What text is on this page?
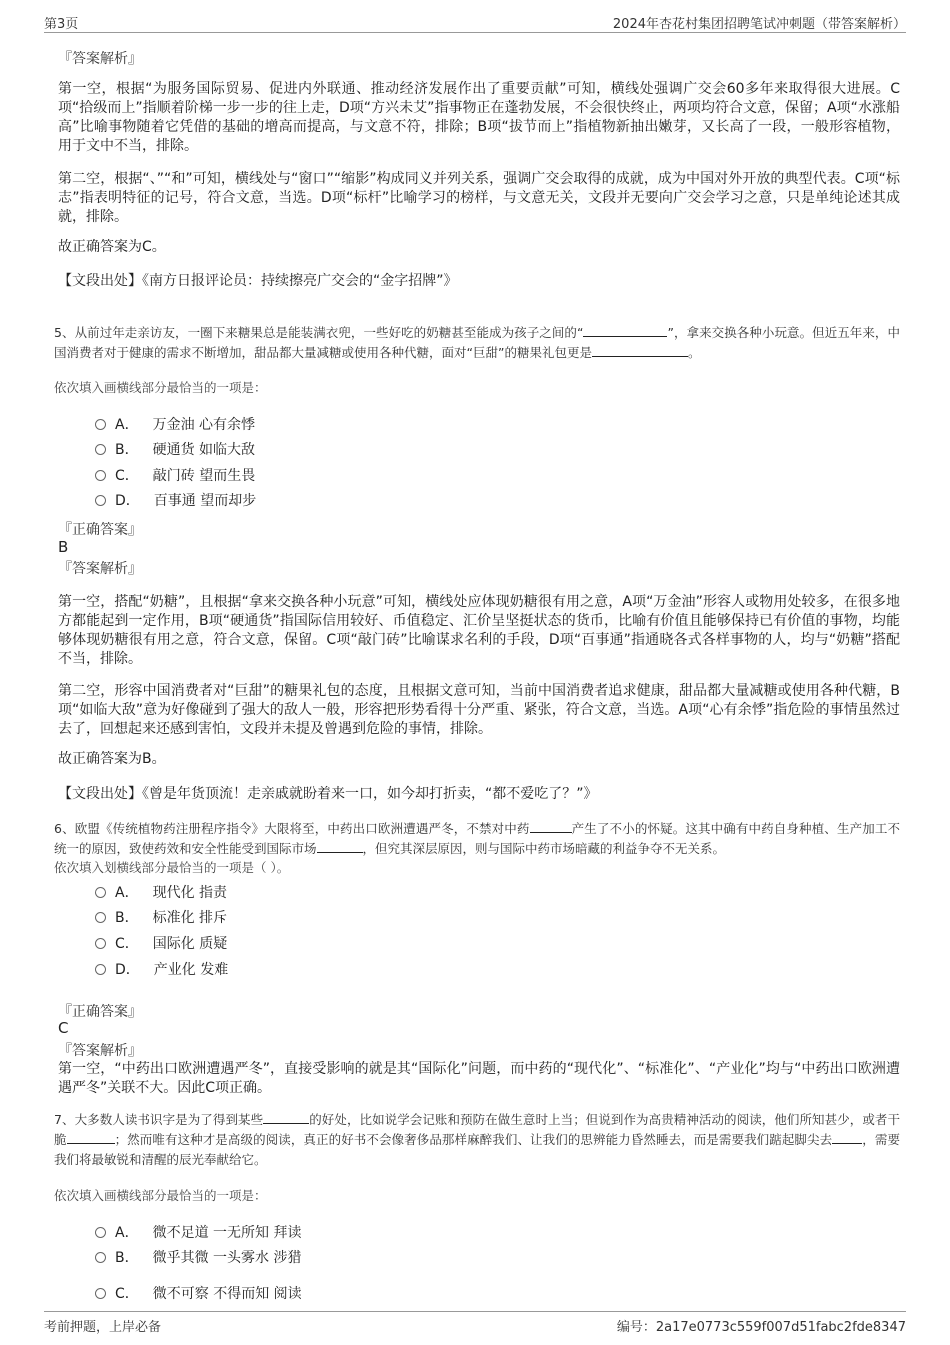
第3页	2024年杏花村集团招聘笔试冲刺题（带答案解析）
『答案解析』
第一空，根据“为服务国际贸易、促进内外联通、推动经济发展作出了重要贡献”可知，横线处强调广交会60多年来取得很大进展。C项“拾级而上”指顺着阶梯一步一步的往上走，D项“方兴未艾”指事物正在蓬勃发展，不会很快终止，两项均符合文意，保留；A项“水涨船高”比喻事物随着它凭借的基础的增高而提高，与文意不符，排除；B项“拔节而上”指植物新抽出嫩芽，又长高了一段，一般形容植物，用于文中不当，排除。
第二空，根据“、”“和”可知，横线处与“窗口”“缩影”构成同义并列关系，强调广交会取得的成就，成为中国对外开放的典型代表。C项“标志”指表明特征的记号，符合文意，当选。D项“标杆”比喻学习的榜样，与文意无关，文段并无要向广交会学习之意，只是单纯论述其成就，排除。
故正确答案为C。
【文段出处】《南方日报评论员：持续擦亮广交会的“金字招牌”》
5、从前过年走亲访友，一圈下来糖果总是能装满衣兜，一些好吃的奶糖甚至能成为孩子之间的“	”，拿来交换各种小玩意。但近五年来，中国消费者对于健康的需求不断增加，甜品都大量减糖或使用各种代糖，面对“巨甜”的糖果礼包更是	。
依次填入画横线部分最恰当的一项是：
A． 万金油 心有余悸
B． 硬通货 如临大敌
C． 敲门砖 望而生畏
D． 百事通 望而却步
『正确答案』
B
『答案解析』
第一空，搭配“奶糖”，且根据“拿来交换各种小玩意”可知，横线处应体现奶糖很有用之意，A项“万金油”形容人或物用处较多，在很多地方都能起到一定作用，B项“硬通货”指国际信用较好、币值稳定、汇价呈坚挺状态的货币，比喻有价值且能够保持已有价值的事物，均能够体现奶糖很有用之意，符合文意，保留。C项“敲门砖”比喻谋求名利的手段，D项“百事通”指通晓各式各样事物的人，均与“奶糖”搭配不当，排除。
第二空，形容中国消费者对“巨甜”的糖果礼包的态度，且根据文意可知，当前中国消费者追求健康，甜品都大量减糖或使用各种代糖，B项“如临大敌”意为好像碰到了强大的敌人一般，形容把形势看得十分严重、紧张，符合文意，当选。A项“心有余悸”指危险的事情虽然过去了，回想起来还感到害怕，文段并未提及曾遇到危险的事情，排除。
故正确答案为B。
【文段出处】《曾是年货顶流！走亲戚就盼着来一口，如今却打折卖，“都不爱吃了？”》
6、欧盟《传统植物药注册程序指令》大限将至，中药出口欧洲遭遇严冬，不禁对中药	产生了不小的怀疑。这其中确有中药自身种植、生产加工不统一的原因，致使药效和安全性能受到国际市场	，但究其深层原因，则与国际中药市场暗藏的利益争夺不无关系。
依次填入划横线部分最恰当的一项是（ ）。
A． 现代化 指责
B． 标准化 排斥
C． 国际化 质疑
D． 产业化 发难
『正确答案』
C
『答案解析』
第一空，“中药出口欧洲遭遇严冬”，直接受影响的就是其“国际化”问题，而中药的“现代化”、“标准化”、“产业化”均与“中药出口欧洲遭遇严冬”关联不大。因此C项正确。
7、大多数人读书识字是为了得到某些	的好处，比如说学会记账和预防在做生意时上当；但说到作为高贵精神活动的阅读，他们所知甚少，或者干脆	；然而唯有这种才是高级的阅读，真正的好书不会像奢侈品那样麻醉我们、让我们的思辨能力昏然睡去，而是需要我们踮起脚尖去 ，需要我们将最敏锐和清醒的辰光奉献给它。
依次填入画横线部分最恰当的一项是：
A． 微不足道 一无所知 拜读
B． 微乎其微 一头雾水 涉猎
C． 微不可察 不得而知 阅读
考前押题，上岸必备	编号：2a17e0773c559f007d51fabc2fde8347
